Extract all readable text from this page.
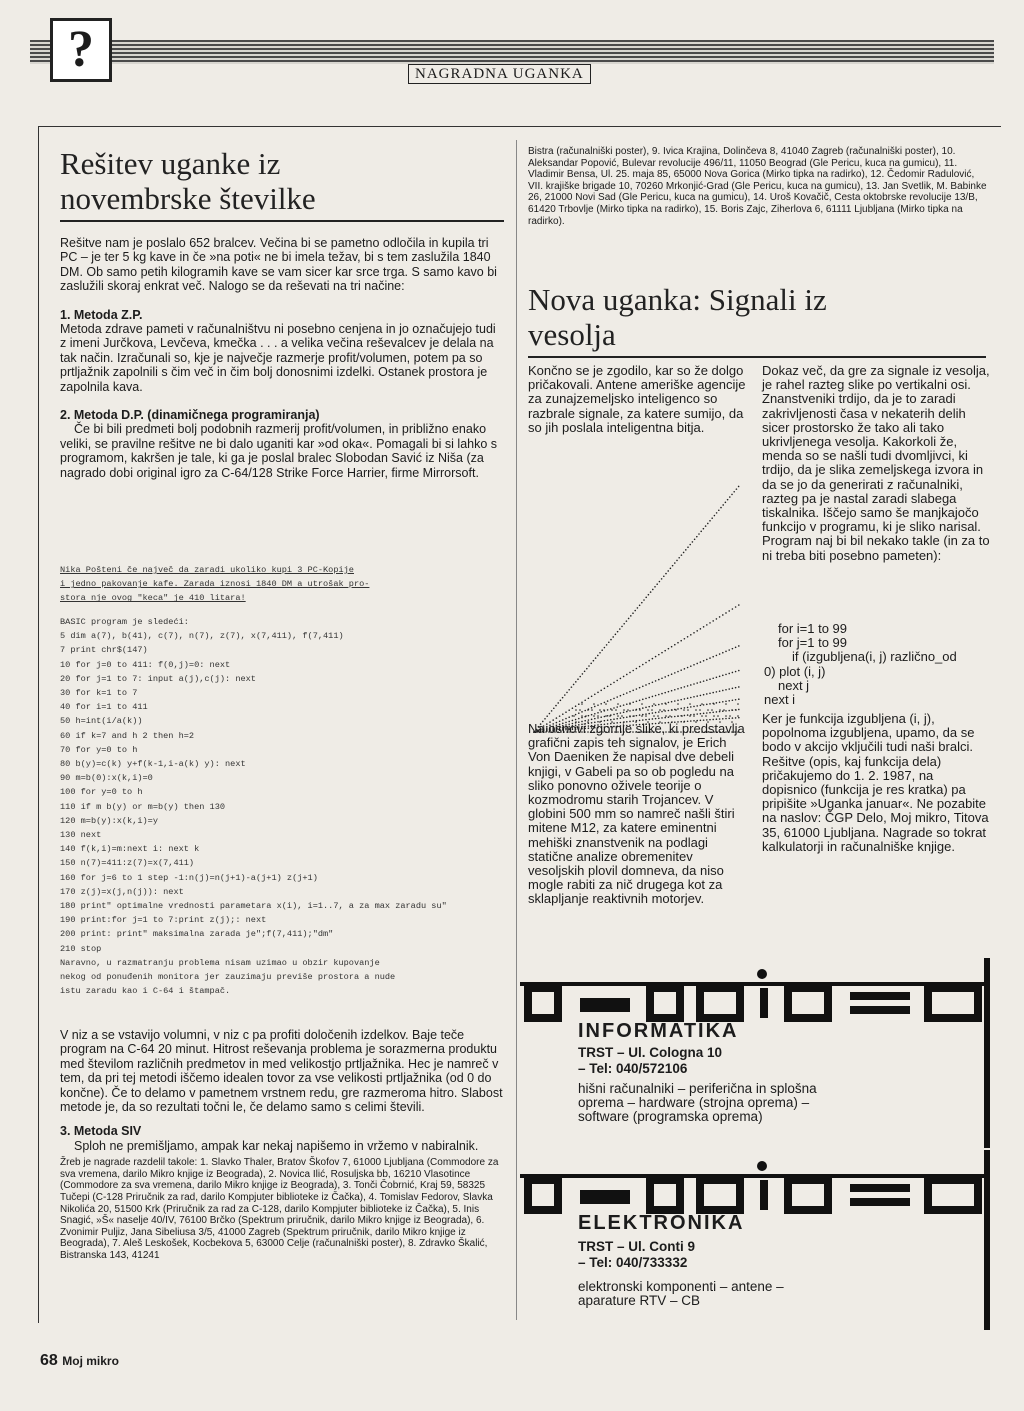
?	NAGRADNA UGANKA
Rešitev uganke iz
novembrske številke
Rešitve nam je poslalo 652 bralcev. Večina bi se pametno odločila in kupila tri PC – je ter 5 kg kave in če »na poti« ne bi imela težav, bi s tem zaslužila 1840 DM. Ob samo petih kilogramih kave se vam sicer kar srce trga. S samo kavo bi zaslužili skoraj enkrat več. Nalogo se da reševati na tri načine:
1. Metoda Z.P.
Metoda zdrave pameti v računalništvu ni posebno cenjena in jo označujejo tudi z imeni Jurčkova, Levčeva, kmečka . . . a velika večina reševalcev je delala na tak način. Izračunali so, kje je največje razmerje profit/volumen, potem pa so prtljažnik zapolnili s čim več in čim bolj donosnimi izdelki. Ostanek prostora je zapolnila kava.
2. Metoda D.P. (dinamičnega programiranja)
Če bi bili predmeti bolj podobnih razmerij profit/volumen, in približno enako veliki, se pravilne rešitve ne bi dalo uganiti kar »od oka«. Pomagali bi si lahko s programom, kakršen je tale, ki ga je poslal bralec Slobodan Savić iz Niša (za nagrado dobi original igro za C-64/128 Strike Force Harrier, firme Mirrorsoft.
Nika Pošteni če največ da zaradi ukoliko kupi 3 PC-Kopije
i jedno pakovanje kafe. Zarada iznosi 1840 DM a utrošak pro-
stora nje ovog "keca" je 410 litara!
BASIC program je sledeći:
5 dim a(7), b(41), c(7), n(7), z(7), x(7,411), f(7,411)
7 print chr$(147)
10 for j=0 to 411: f(0,j)=0: next
20 for j=1 to 7: input a(j),c(j): next
30 for k=1 to 7
40 for i=1 to 411
50 h=int(i/a(k))
60 if k=7 and h 2 then h=2
70 for y=0 to h
80 b(y)=c(k) y+f(k-1,i-a(k) y): next
90 m=b(0):x(k,i)=0
100 for y=0 to h
110 if m b(y) or m=b(y) then 130
120 m=b(y):x(k,i)=y
130 next
140 f(k,i)=m:next i: next k
150 n(7)=411:z(7)=x(7,411)
160 for j=6 to 1 step -1:n(j)=n(j+1)-a(j+1) z(j+1)
170 z(j)=x(j,n(j)): next
180 print" optimalne vrednosti parametara x(i), i=1..7, a za max zaradu su"
190 print:for j=1 to 7:print z(j);: next
200 print: print" maksimalna zarada je";f(7,411);"dm"
210 stop
Naravno, u razmatranju problema nisam uzimao u obzir kupovanje
nekog od ponuđenih monitora jer zauzimaju previše prostora a nude
istu zaradu kao i C-64 i štampač.
V niz a se vstavijo volumni, v niz c pa profiti določenih izdelkov. Baje teče program na C-64 20 minut. Hitrost reševanja problema je sorazmerna produktu med številom različnih predmetov in med velikostjo prtljažnika. Hec je namreč v tem, da pri tej metodi iščemo idealen tovor za vse velikosti prtljažnika (od 0 do končne). Če to delamo v pametnem vrstnem redu, gre razmeroma hitro. Slabost metode je, da so rezultati točni le, če delamo samo s celimi števili.
3. Metoda SIV
Sploh ne premišljamo, ampak kar nekaj napišemo in vržemo v nabiralnik.
Žreb je nagrade razdelil takole: 1. Slavko Thaler, Bratov Škofov 7, 61000 Ljubljana (Commodore za sva vremena, darilo Mikro knjige iz Beograda), 2. Novica Ilić, Rosuljska bb, 16210 Vlasotince (Commodore za sva vremena, darilo Mikro knjige iz Beograda), 3. Tonči Čobrnić, Kraj 59, 58325 Tučepi (C-128 Priručnik za rad, darilo Kompjuter biblioteke iz Čačka), 4. Tomislav Fedorov, Slavka Nikolića 20, 51500 Krk (Priručnik za rad za C-128, darilo Kompjuter biblioteke iz Čačka), 5. Inis Snagić, »Š« naselje 40/IV, 76100 Brčko (Spektrum priručnik, darilo Mikro knjige iz Beograda), 6. Zvonimir Puljiz, Jana Sibeliusa 3/5, 41000 Zagreb (Spektrum priručnik, darilo Mikro knjige iz Beograda), 7. Aleš Leskošek, Kocbekova 5, 63000 Celje (računalniški poster), 8. Zdravko Škalić, Bistranska 143, 41241
Bistra (računalniški poster), 9. Ivica Krajina, Dolinčeva 8, 41040 Zagreb (računalniški poster), 10. Aleksandar Popović, Bulevar revolucije 496/11, 11050 Beograd (Gle Pericu, kuca na gumicu), 11. Vladimir Bensa, Ul. 25. maja 85, 65000 Nova Gorica (Mirko tipka na radirko), 12. Čedomir Radulović, VII. krajiške brigade 10, 70260 Mrkonjić-Grad (Gle Pericu, kuca na gumicu), 13. Jan Svetlik, M. Babinke 26, 21000 Novi Sad (Gle Pericu, kuca na gumicu), 14. Uroš Kovačič, Cesta oktobrske revolucije 13/B, 61420 Trbovlje (Mirko tipka na radirko), 15. Boris Zajc, Ziherlova 6, 61111 Ljubljana (Mirko tipka na radirko).
Nova uganka: Signali iz
vesolja
Končno se je zgodilo, kar so že dolgo pričakovali. Antene ameriške agencije za zunajzemeljsko inteligenco so razbrale signale, za katere sumijo, da so jih poslala inteligentna bitja.
Na osnovi zgornje slike, ki predstavlja grafični zapis teh signalov, je Erich Von Daeniken že napisal dve debeli knjigi, v Gabeli pa so ob pogledu na sliko ponovno oživele teorije o kozmodromu starih Trojancev. V globini 500 mm so namreč našli štiri mitene M12, za katere eminentni mehiški znanstvenik na podlagi statične analize obremenitev vesoljskih plovil domneva, da niso mogle rabiti za nič drugega kot za sklapljanje reaktivnih motorjev.
Dokaz več, da gre za signale iz vesolja, je rahel razteg slike po vertikalni osi. Znanstveniki trdijo, da je to zaradi zakrivljenosti časa v nekaterih delih sicer prostorsko že tako ali tako ukrivljenega vesolja. Kakorkoli že, menda so se našli tudi dvomljivci, ki trdijo, da je slika zemeljskega izvora in da se jo da generirati z računalniki, razteg pa je nastal zaradi slabega tiskalnika. Iščejo samo še manjkajočo funkcijo v programu, ki je sliko narisal. Program naj bi bil nekako takle (in za to ni treba biti posebno pameten):
for i=1 to 99
for j=1 to 99
if (izgubljena(i, j) različno_od
0) plot (i, j)
next j
next i
Ker je funkcija izgubljena (i, j), popolnoma izgubljena, upamo, da se bodo v akcijo vključili tudi naši bralci. Rešitve (opis, kaj funkcija dela) pričakujemo do 1. 2. 1987, na dopisnico (funkcija je res kratka) pa pripišite »Uganka januar«. Ne pozabite na naslov: ČGP Delo, Moj mikro, Titova 35, 61000 Ljubljana. Nagrade so tokrat kalkulatorji in računalniške knjige.
INFORMATIKA
TRST – Ul. Cologna 10
– Tel: 040/572106
hišni računalniki – periferična in splošna oprema – hardware (strojna oprema) – software (programska oprema)
ELEKTRONIKA
TRST – Ul. Conti 9
– Tel: 040/733332
elektronski komponenti – antene – aparature RTV – CB
68 Moj mikro
